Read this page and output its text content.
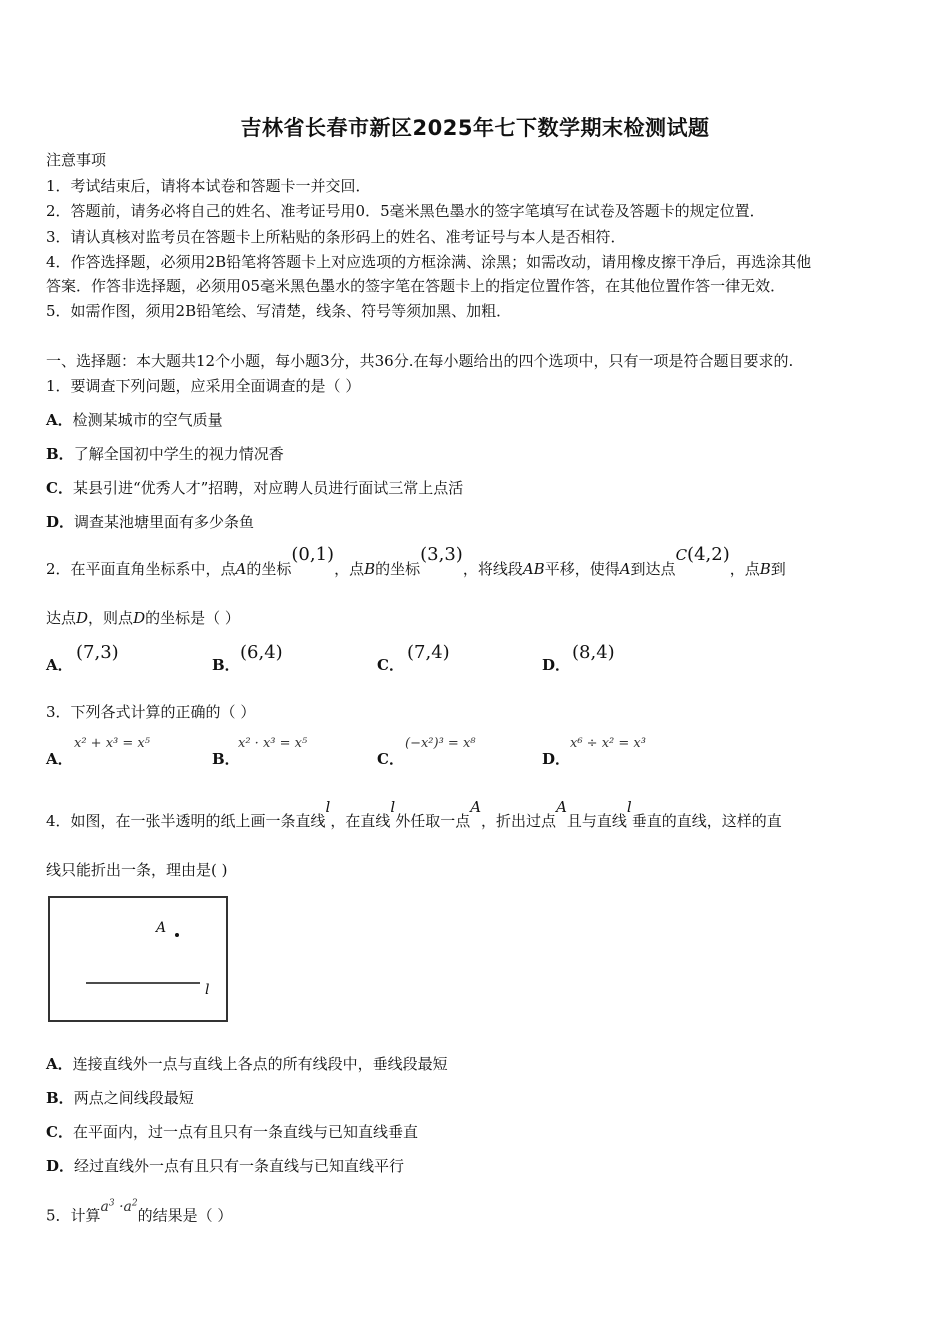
吉林省长春市新区2025年七下数学期末检测试题
注意事项
1．考试结束后，请将本试卷和答题卡一并交回．
2．答题前，请务必将自己的姓名、准考证号用0．5毫米黑色墨水的签字笔填写在试卷及答题卡的规定位置．
3．请认真核对监考员在答题卡上所粘贴的条形码上的姓名、准考证号与本人是否相符．
4．作答选择题，必须用2B铅笔将答题卡上对应选项的方框涂满、涂黑；如需改动，请用橡皮擦干净后，再选涂其他
答案．作答非选择题，必须用05毫米黑色墨水的签字笔在答题卡上的指定位置作答，在其他位置作答一律无效．
5．如需作图，须用2B铅笔绘、写清楚，线条、符号等须加黑、加粗．
一、选择题：本大题共12个小题，每小题3分，共36分.在每小题给出的四个选项中，只有一项是符合题目要求的.
1．要调查下列问题，应采用全面调查的是（ ）
A．检测某城市的空气质量
B．了解全国初中学生的视力情况香
C．某县引进“优秀人才”招聘，对应聘人员进行面试三常上点活
D．调查某池塘里面有多少条鱼
2．在平面直角坐标系中，点A的坐标(0,1)，点B的坐标(3,3)，将线段AB平移，使得A到达点C(4,2)，点B到
达点D，则点D的坐标是（ ）
A．
(7,3)
B．
(6,4)
C．
(7,4)
D．
(8,4)
3．下列各式计算的正确的（ ）
A．
x² + x³ = x⁵
B．
x² · x³ = x⁵
C．
(−x²)³ = x⁸
D．
x⁶ ÷ x² = x³
4．如图，在一张半透明的纸上画一条直线l，在直线l外任取一点A，折出过点A且与直线l垂直的直线，这样的直
线只能折出一条，理由是( )
A
l
A．连接直线外一点与直线上各点的所有线段中，垂线段最短
B．两点之间线段最短
C．在平面内，过一点有且只有一条直线与已知直线垂直
D．经过直线外一点有且只有一条直线与已知直线平行
5．计算$a^3 \cdot a^2$的结果是（ ）
